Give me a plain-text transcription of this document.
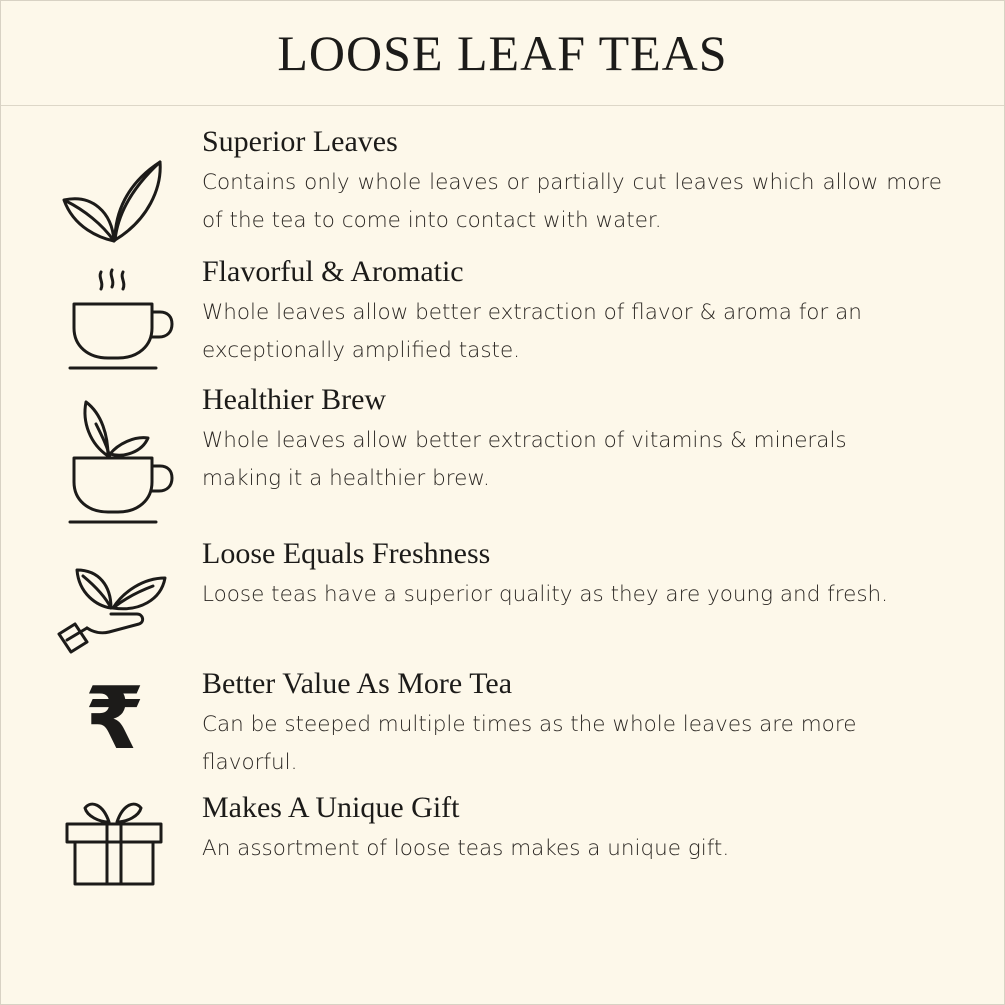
LOOSE LEAF TEAS
Superior Leaves
Contains only whole leaves or partially cut leaves which allow more of the tea to come into contact with water.
Flavorful & Aromatic
Whole leaves allow better extraction of flavor & aroma for an exceptionally amplified taste.
Healthier Brew
Whole leaves allow better extraction of vitamins & minerals making it a healthier brew.
Loose Equals Freshness
Loose teas have a superior quality as they are young and fresh.
₹ Better Value As More Tea
Can be steeped multiple times as the whole leaves are more flavorful.
Makes A Unique Gift
An assortment of loose teas makes a unique gift.
